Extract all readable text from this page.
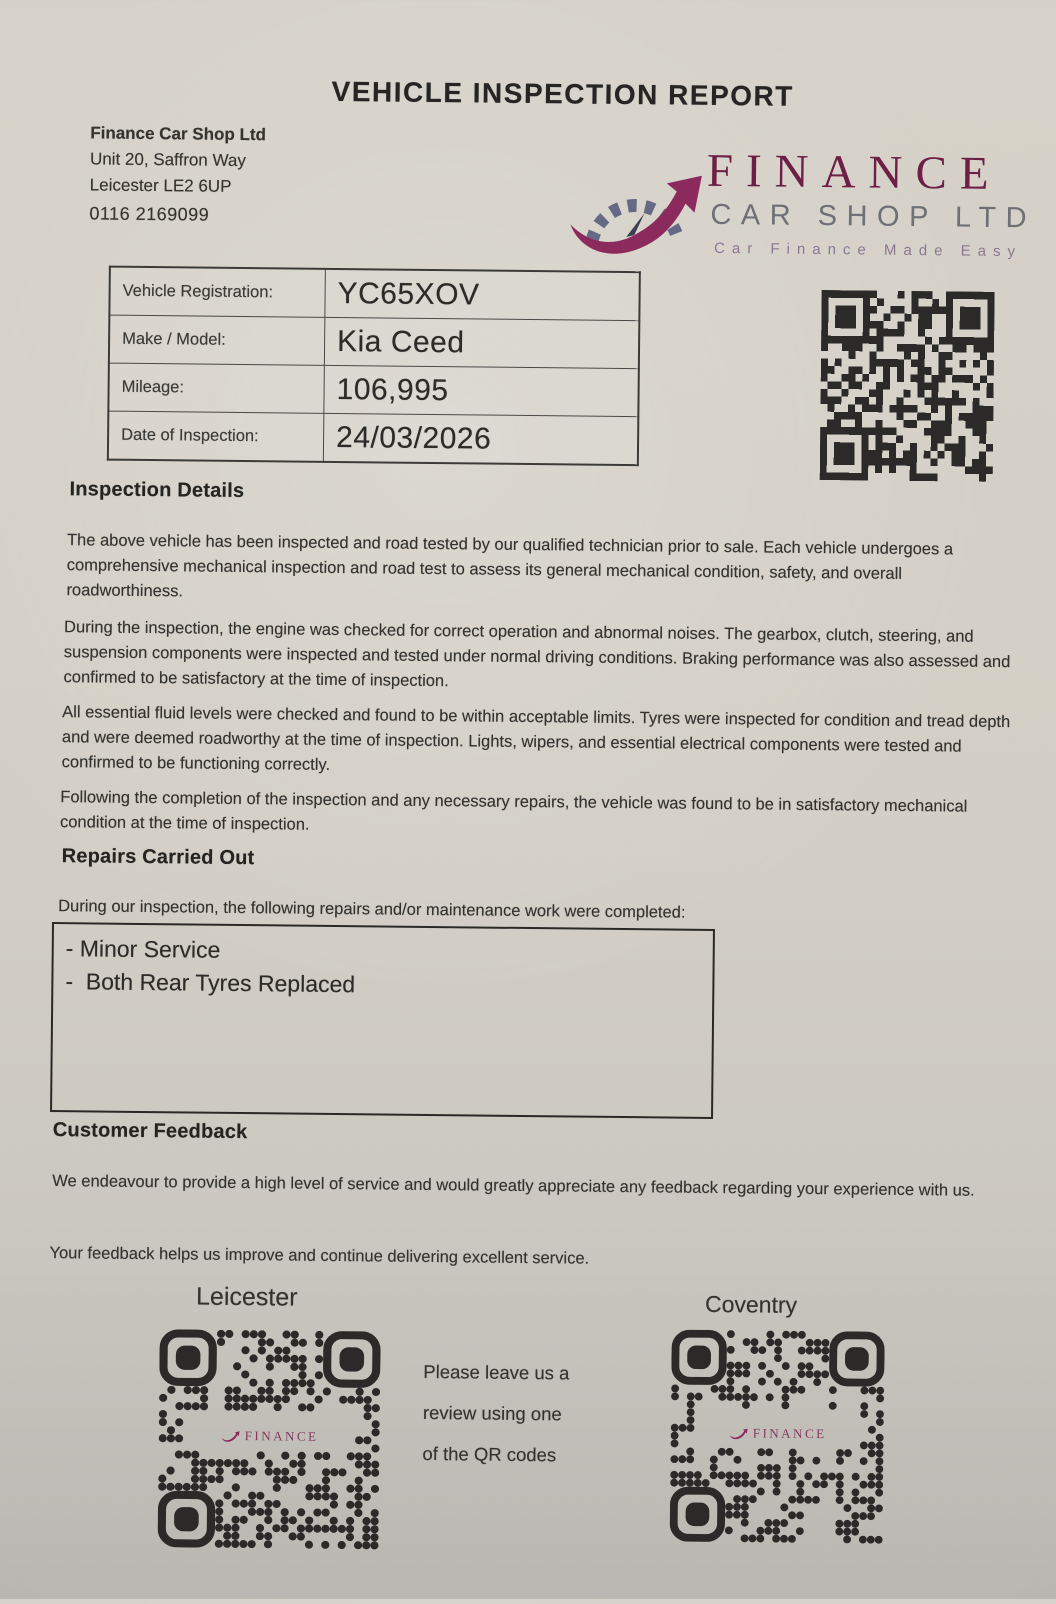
VEHICLE INSPECTION REPORT
Finance Car Shop Ltd
Unit 20, Saffron Way
Leicester LE2 6UP
0116 2169099
FINANCE
CAR SHOP LTD
Car Finance Made Easy
Vehicle Registration:	YC65XOV
Make / Model:	Kia Ceed
Mileage:	106,995
Date of Inspection:	24/03/2026
Inspection Details
The above vehicle has been inspected and road tested by our qualified technician prior to sale. Each vehicle undergoes a comprehensive mechanical inspection and road test to assess its general mechanical condition, safety, and overall roadworthiness.
During the inspection, the engine was checked for correct operation and abnormal noises. The gearbox, clutch, steering, and suspension components were inspected and tested under normal driving conditions. Braking performance was also assessed and confirmed to be satisfactory at the time of inspection.
All essential fluid levels were checked and found to be within acceptable limits. Tyres were inspected for condition and tread depth and were deemed roadworthy at the time of inspection. Lights, wipers, and essential electrical components were tested and confirmed to be functioning correctly.
Following the completion of the inspection and any necessary repairs, the vehicle was found to be in satisfactory mechanical condition at the time of inspection.
Repairs Carried Out
During our inspection, the following repairs and/or maintenance work were completed:
- Minor Service
-  Both Rear Tyres Replaced
Customer Feedback
We endeavour to provide a high level of service and would greatly appreciate any feedback regarding your experience with us.
Your feedback helps us improve and continue delivering excellent service.
Leicester	Coventry
FINANCE
Please leave us a
review using one
of the QR codes
FINANCE
